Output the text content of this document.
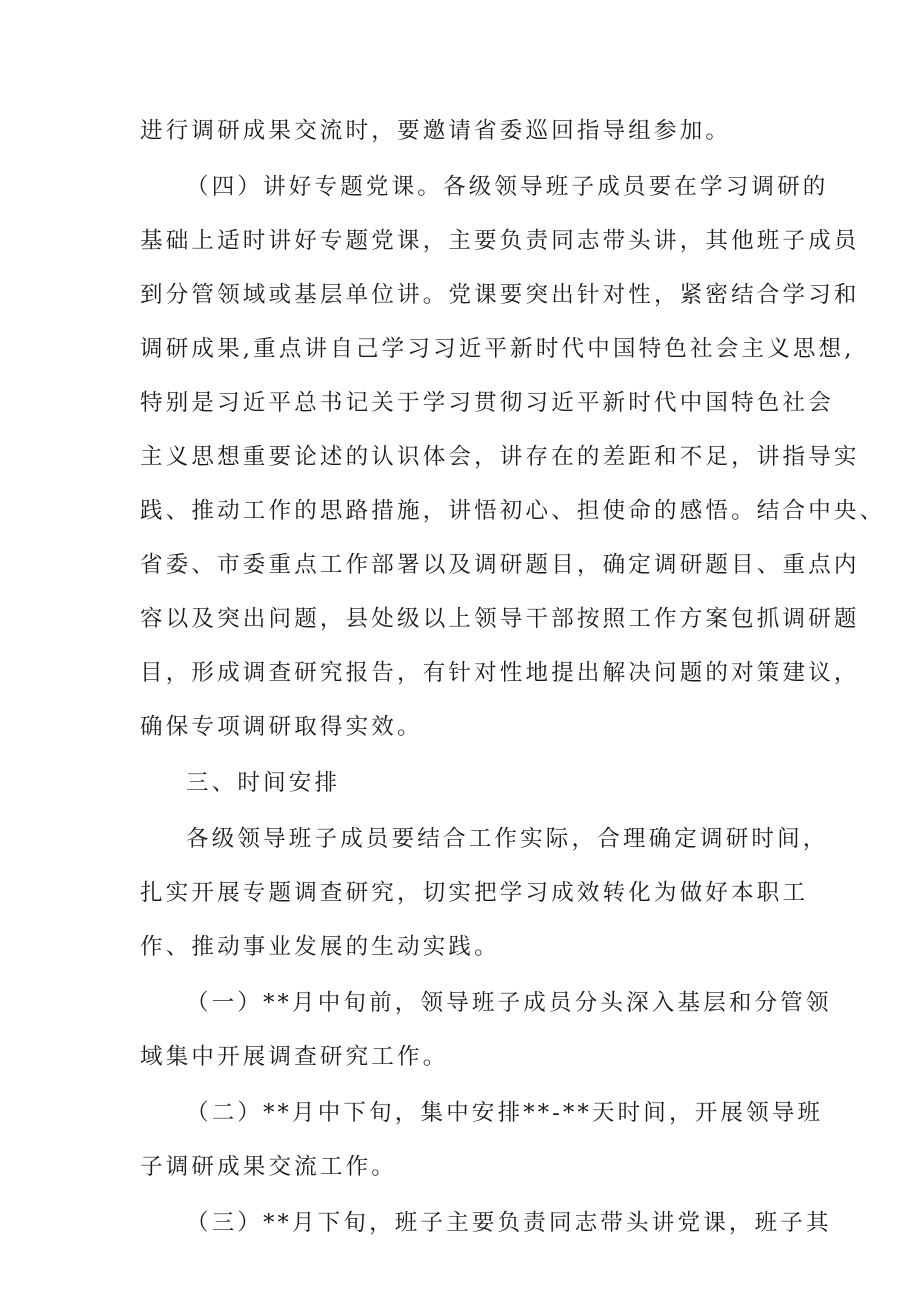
进行调研成果交流时，要邀请省委巡回指导组参加。
（四）讲好专题党课。各级领导班子成员要在学习调研的
基础上适时讲好专题党课，主要负责同志带头讲，其他班子成员
到分管领域或基层单位讲。党课要突出针对性，紧密结合学习和
调研成果,重点讲自己学习习近平新时代中国特色社会主义思想,
特别是习近平总书记关于学习贯彻习近平新时代中国特色社会
主义思想重要论述的认识体会，讲存在的差距和不足，讲指导实
践、推动工作的思路措施，讲悟初心、担使命的感悟。结合中央、
省委、市委重点工作部署以及调研题目，确定调研题目、重点内
容以及突出问题，县处级以上领导干部按照工作方案包抓调研题
目，形成调查研究报告，有针对性地提出解决问题的对策建议，
确保专项调研取得实效。
三、时间安排
各级领导班子成员要结合工作实际，合理确定调研时间，
扎实开展专题调查研究，切实把学习成效转化为做好本职工
作、推动事业发展的生动实践。
（一）**月中旬前，领导班子成员分头深入基层和分管领
域集中开展调查研究工作。
（二）**月中下旬，集中安排**-**天时间，开展领导班
子调研成果交流工作。
（三）**月下旬，班子主要负责同志带头讲党课，班子其
